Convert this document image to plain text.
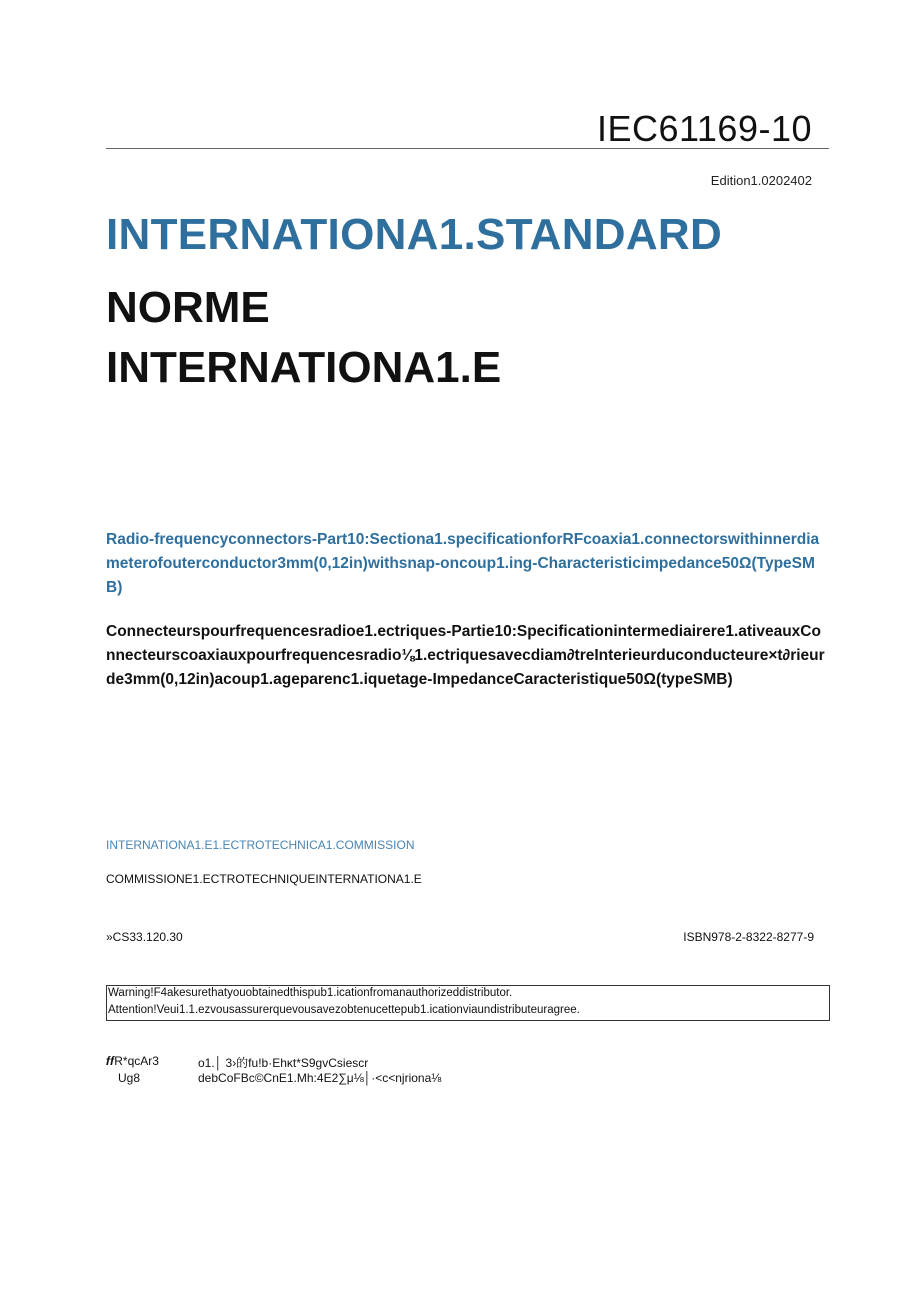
IEC61169-10
Edition1.0202402
INTERNATIONA1.STANDARD
NORME
INTERNATIONA1.E
Radio-frequencyconnectors-Part10:Sectiona1.specificationforRFcoaxia1.connectorswithinnerdiameterofouterconductor3mm(0,12in)withsnap-oncoup1.ing-Characteristicimpedance50Ω(TypeSMB)
Connecteurspourfrequencesradioe1.ectriques-Partie10:Specificationintermediairere1.ativeauxConnecteurscoaxiauxpourfrequencesradio⅛1.ectriquesavecdiam∂treInterieurduconducteure×t∂rieurde3mm(0,12in)acoup1.ageparenc1.iquetage-ImpedanceCaracteristique50Ω(typeSMB)
INTERNATIONA1.E1.ECTROTECHNICA1.COMMISSION
COMMISSIONE1.ECTROTECHNIQUEINTERNATIONA1.E
»CS33.120.30	ISBN978-2-8322-8277-9
Warning!F4akesurethatyouobtainedthispub1.icationfromanauthorizeddistributor.
Attention!Veui1.1.ezvousassurerquevousavezobtenucettepub1.icationviaundistributeuragree.
𝒇𝒇R*qcAr3	o1.│ 3›的fu!b·Ehκt*S9gvCsiescr
Ug8	debCoFBc©CnE1.Mh:4E2∑μ⅛│·<c<njriona⅛
